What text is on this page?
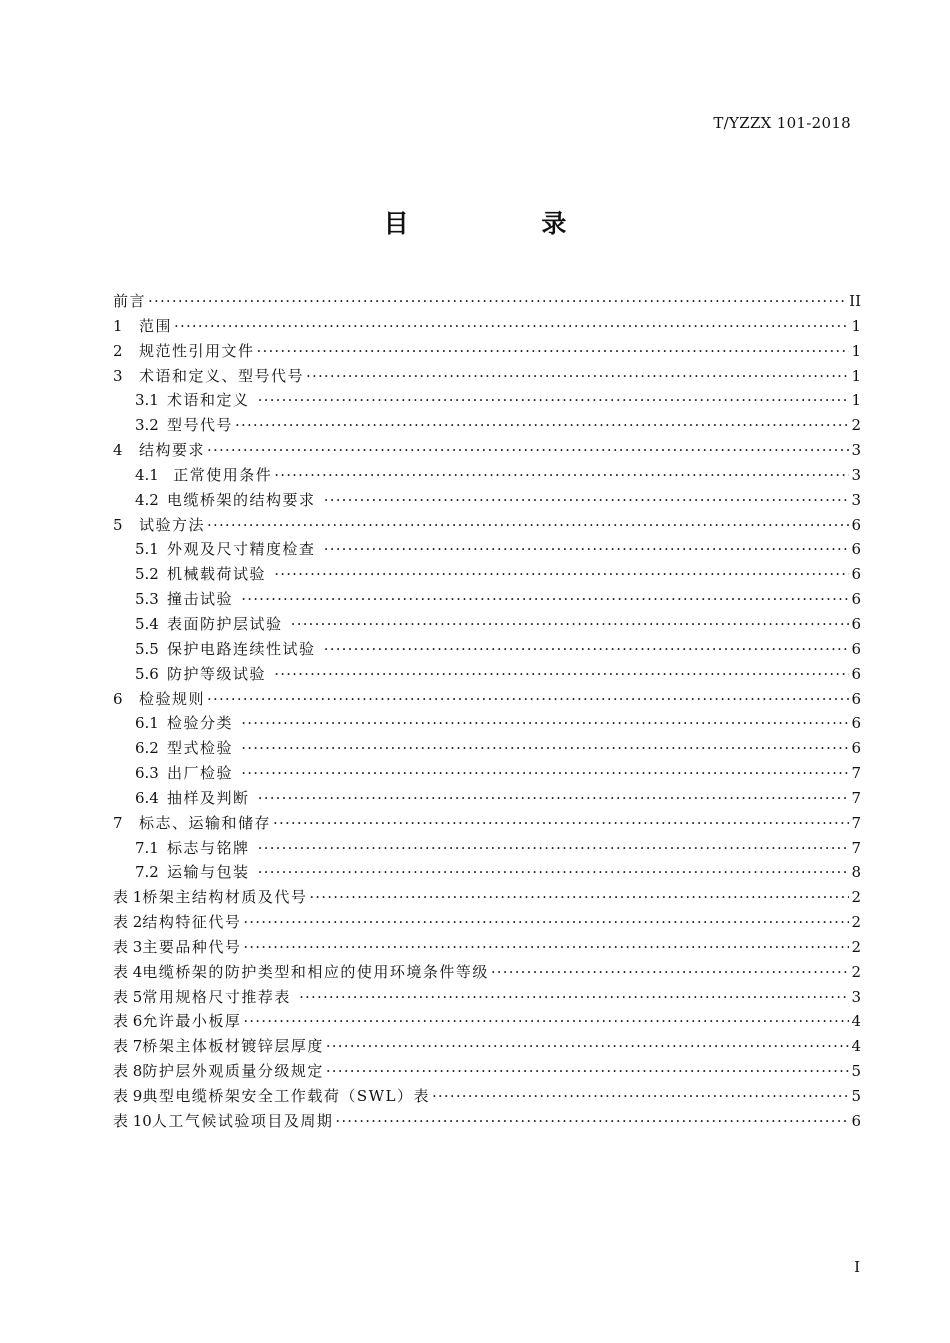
T/YZZX 101-2018
目 录
前言 ·····	II
1	范围 ·····	1
2	规范性引用文件 ·····	1
3	术语和定义、型号代号 ·····	1
3.1 术语和定义 ·····	1
3.2 型号代号 ·····	2
4	结构要求 ·····	3
4.1 正常使用条件 ·····	3
4.2 电缆桥架的结构要求 ·····	3
5	试验方法 ·····	6
5.1 外观及尺寸精度检查 ·····	6
5.2 机械载荷试验 ·····	6
5.3 撞击试验 ·····	6
5.4 表面防护层试验 ·····	6
5.5 保护电路连续性试验 ·····	6
5.6 防护等级试验 ·····	6
6	检验规则 ·····	6
6.1 检验分类 ·····	6
6.2 型式检验 ·····	6
6.3 出厂检验 ·····	7
6.4 抽样及判断 ·····	7
7	标志、运输和储存 ·····	7
7.1 标志与铭牌 ·····	7
7.2 运输与包装 ·····	8
表 1 桥架主结构材质及代号 ·····	2
表 2 结构特征代号 ·····	2
表 3 主要品种代号 ·····	2
表 4 电缆桥架的防护类型和相应的使用环境条件等级 ·····	2
表 5 常用规格尺寸推荐表 ·····	3
表 6 允许最小板厚 ·····	4
表 7 桥架主体板材镀锌层厚度 ·····	4
表 8 防护层外观质量分级规定 ·····	5
表 9 典型电缆桥架安全工作载荷（SWL）表 ·····	5
表 10 人工气候试验项目及周期 ·····	6
I
